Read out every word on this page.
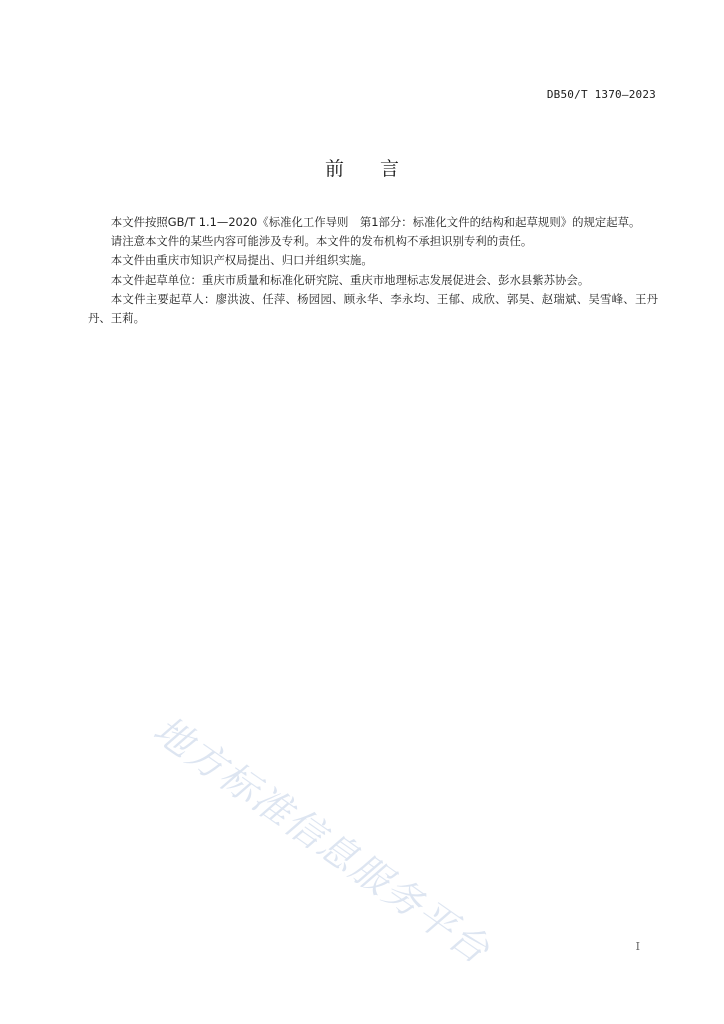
DB50/T 1370—2023
前言

本文件按照GB/T 1.1—2020《标准化工作导则　第1部分：标准化文件的结构和起草规则》的规定起草。

请注意本文件的某些内容可能涉及专利。本文件的发布机构不承担识别专利的责任。

本文件由重庆市知识产权局提出、归口并组织实施。

本文件起草单位：重庆市质量和标准化研究院、重庆市地理标志发展促进会、彭水县紫苏协会。

本文件主要起草人：廖洪波、任萍、杨园园、顾永华、李永均、王郁、成欣、郭昊、赵瑞斌、吴雪峰、王丹丹、王莉。

地方标准信息服务平台	I
